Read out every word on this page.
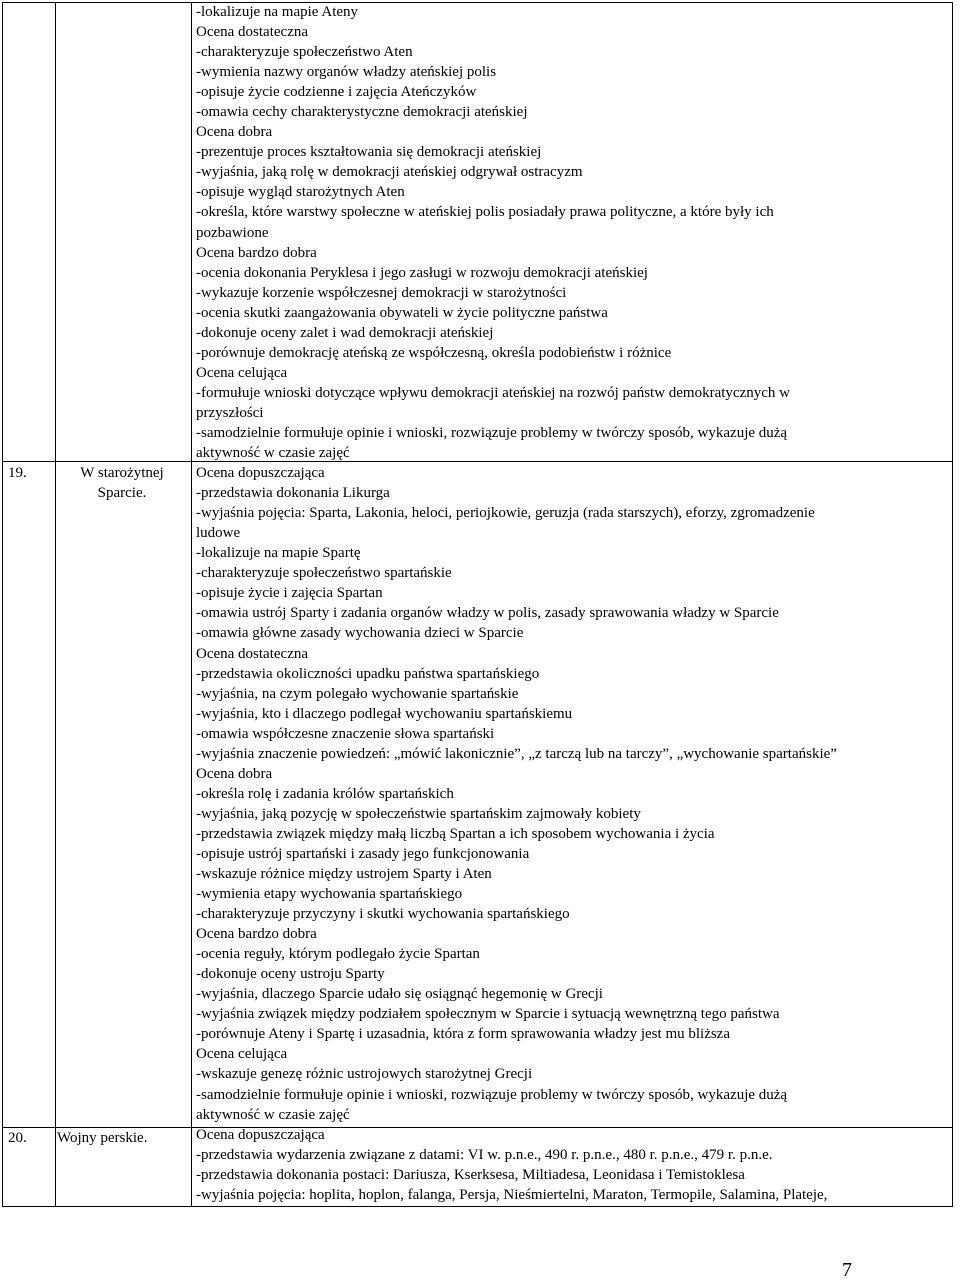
19.	W starożytnej
Sparcie.
20. Wojny perskie.
-lokalizuje na mapie Ateny
Ocena dostateczna
-charakteryzuje społeczeństwo Aten
-wymienia nazwy organów władzy ateńskiej polis
-opisuje życie codzienne i zajęcia Ateńczyków
-omawia cechy charakterystyczne demokracji ateńskiej
Ocena dobra
-prezentuje proces kształtowania się demokracji ateńskiej
-wyjaśnia, jaką rolę w demokracji ateńskiej odgrywał ostracyzm
-opisuje wygląd starożytnych Aten
-określa, które warstwy społeczne w ateńskiej polis posiadały prawa polityczne, a które były ich
pozbawione
Ocena bardzo dobra
-ocenia dokonania Peryklesa i jego zasługi w rozwoju demokracji ateńskiej
-wykazuje korzenie współczesnej demokracji w starożytności
-ocenia skutki zaangażowania obywateli w życie polityczne państwa
-dokonuje oceny zalet i wad demokracji ateńskiej
-porównuje demokrację ateńską ze współczesną, określa podobieństw i różnice
Ocena celująca
-formułuje wnioski dotyczące wpływu demokracji ateńskiej na rozwój państw demokratycznych w
przyszłości
-samodzielnie formułuje opinie i wnioski, rozwiązuje problemy w twórczy sposób, wykazuje dużą
aktywność w czasie zajęć
Ocena dopuszczająca
-przedstawia dokonania Likurga
-wyjaśnia pojęcia: Sparta, Lakonia, heloci, periojkowie, geruzja (rada starszych), eforzy, zgromadzenie
ludowe
-lokalizuje na mapie Spartę
-charakteryzuje społeczeństwo spartańskie
-opisuje życie i zajęcia Spartan
-omawia ustrój Sparty i zadania organów władzy w polis, zasady sprawowania władzy w Sparcie
-omawia główne zasady wychowania dzieci w Sparcie
Ocena dostateczna
-przedstawia okoliczności upadku państwa spartańskiego
-wyjaśnia, na czym polegało wychowanie spartańskie
-wyjaśnia, kto i dlaczego podlegał wychowaniu spartańskiemu
-omawia współczesne znaczenie słowa spartański
-wyjaśnia znaczenie powiedzeń: „mówić lakonicznie”, „z tarczą lub na tarczy”, „wychowanie spartańskie”
Ocena dobra
-określa rolę i zadania królów spartańskich
-wyjaśnia, jaką pozycję w społeczeństwie spartańskim zajmowały kobiety
-przedstawia związek między małą liczbą Spartan a ich sposobem wychowania i życia
-opisuje ustrój spartański i zasady jego funkcjonowania
-wskazuje różnice między ustrojem Sparty i Aten
-wymienia etapy wychowania spartańskiego
-charakteryzuje przyczyny i skutki wychowania spartańskiego
Ocena bardzo dobra
-ocenia reguły, którym podlegało życie Spartan
-dokonuje oceny ustroju Sparty
-wyjaśnia, dlaczego Sparcie udało się osiągnąć hegemonię w Grecji
-wyjaśnia związek między podziałem społecznym w Sparcie i sytuacją wewnętrzną tego państwa
-porównuje Ateny i Spartę i uzasadnia, która z form sprawowania władzy jest mu bliższa
Ocena celująca
-wskazuje genezę różnic ustrojowych starożytnej Grecji
-samodzielnie formułuje opinie i wnioski, rozwiązuje problemy w twórczy sposób, wykazuje dużą
aktywność w czasie zajęć
Ocena dopuszczająca
-przedstawia wydarzenia związane z datami: VI w. p.n.e., 490 r. p.n.e., 480 r. p.n.e., 479 r. p.n.e.
-przedstawia dokonania postaci: Dariusza, Kserksesa, Miltiadesa, Leonidasa i Temistoklesa
-wyjaśnia pojęcia: hoplita, hoplon, falanga, Persja, Nieśmiertelni, Maraton, Termopile, Salamina, Plateje,
7
